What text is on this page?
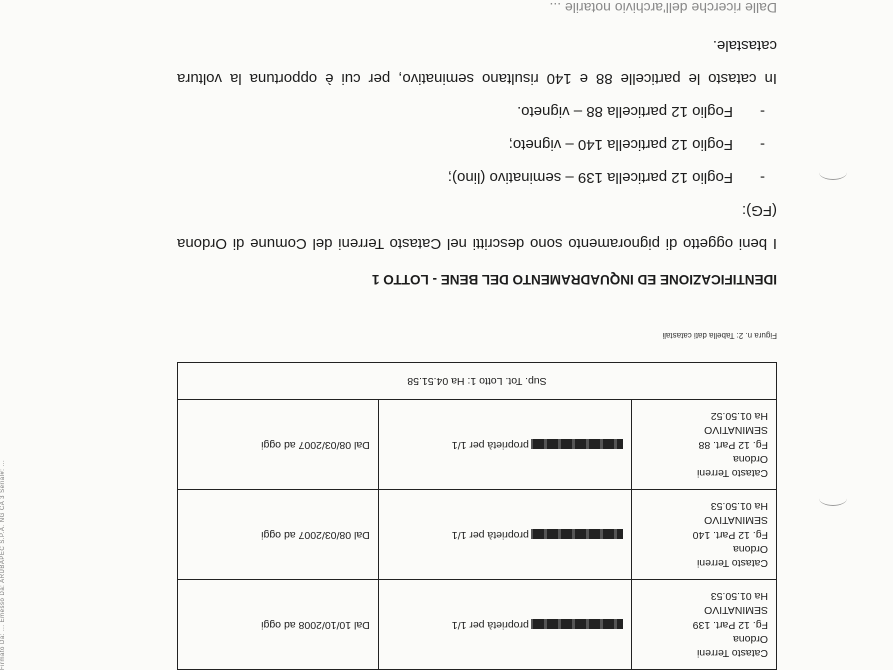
Firmato Da: ... Emesso Da: ARUBAPEC S.P.A. NG CA 3 Serial#: ...	Catasto Terreni
Ordona
Fg. 12 Part. 139
SEMINATIVO
Ha 01.50.53	proprietà per 1/1	Dal 10/10/2008 ad oggi

Catasto Terreni
Ordona
Fg. 12 Part. 140
SEMINATIVO
Ha 01.50.53	proprietà per 1/1	Dal 08/03/2007 ad oggi

Catasto Terreni
Ordona
Fg. 12 Part. 88
SEMINATIVO
Ha 01.50.52	proprietà per 1/1	Dal 08/03/2007 ad oggi
Sup. Tot. Lotto 1: Ha 04.51.58		
Figura n. 2: Tabella dati catastali
IDENTIFICAZIONE ED INQUADRAMENTO DEL BENE - LOTTO 1

I beni oggetto di pignoramento sono descritti nel Catasto Terreni del Comune di Ordona (FG):

- Foglio 12 particella 139 – seminativo (lino);

- Foglio 12 particella 140 – vigneto;

- Foglio 12 particella 88 – vigneto.

In catasto le particelle 88 e 140 risultano seminativo, per cui è opportuna la voltura catastale.

Dalle ricerche dell'archivio notarile ...
